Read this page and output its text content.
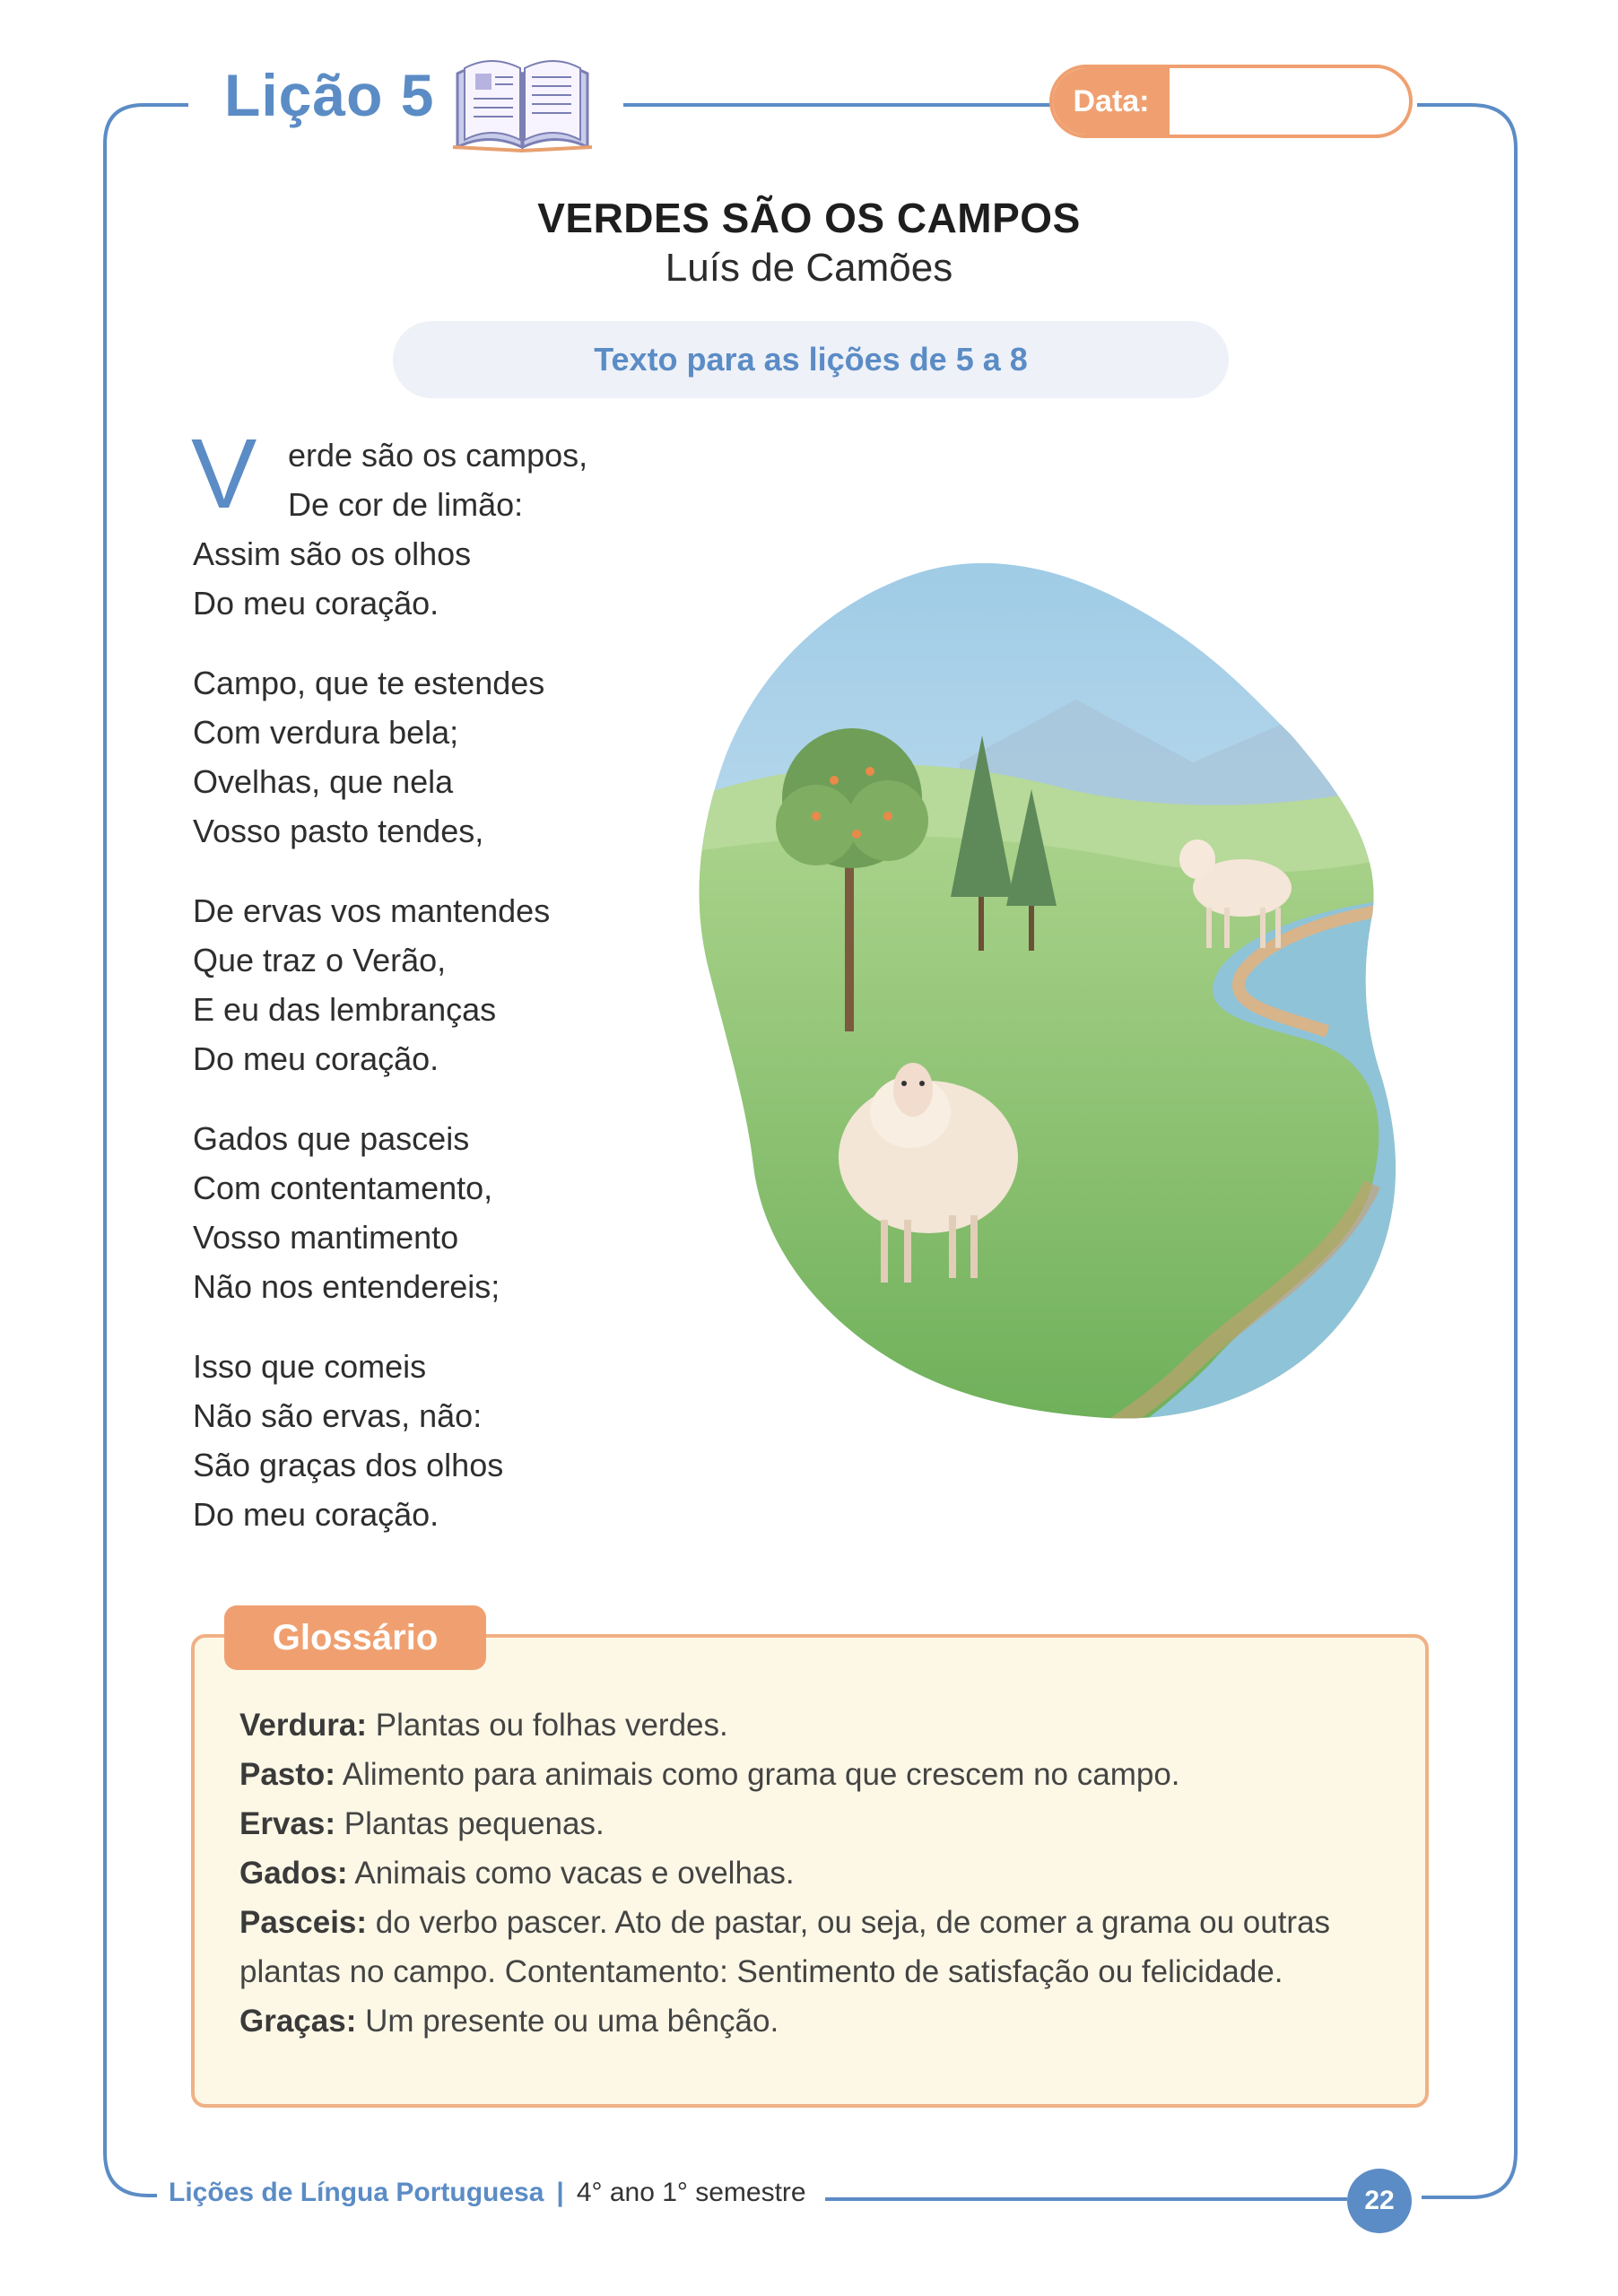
Lição 5	Data:
VERDES SÃO OS CAMPOS
Luís de Camões
Texto para as lições de 5 a 8
V erde são os campos,
De cor de limão:
Assim são os olhos
Do meu coração.
Campo, que te estendes
Com verdura bela;
Ovelhas, que nela
Vosso pasto tendes,
De ervas vos mantendes
Que traz o Verão,
E eu das lembranças
Do meu coração.
Gados que pasceis
Com contentamento,
Vosso mantimento
Não nos entendereis;
Isso que comeis
Não são ervas, não:
São graças dos olhos
Do meu coração.
Verdura: Plantas ou folhas verdes.
Pasto: Alimento para animais como grama que crescem no campo.
Ervas: Plantas pequenas.
Gados: Animais como vacas e ovelhas.
Pasceis: do verbo pascer. Ato de pastar, ou seja, de comer a grama ou outras plantas no campo. Contentamento: Sentimento de satisfação ou felicidade.
Graças: Um presente ou uma bênção.
Glossário
Lições de Língua Portuguesa | 4° ano 1° semestre	22
